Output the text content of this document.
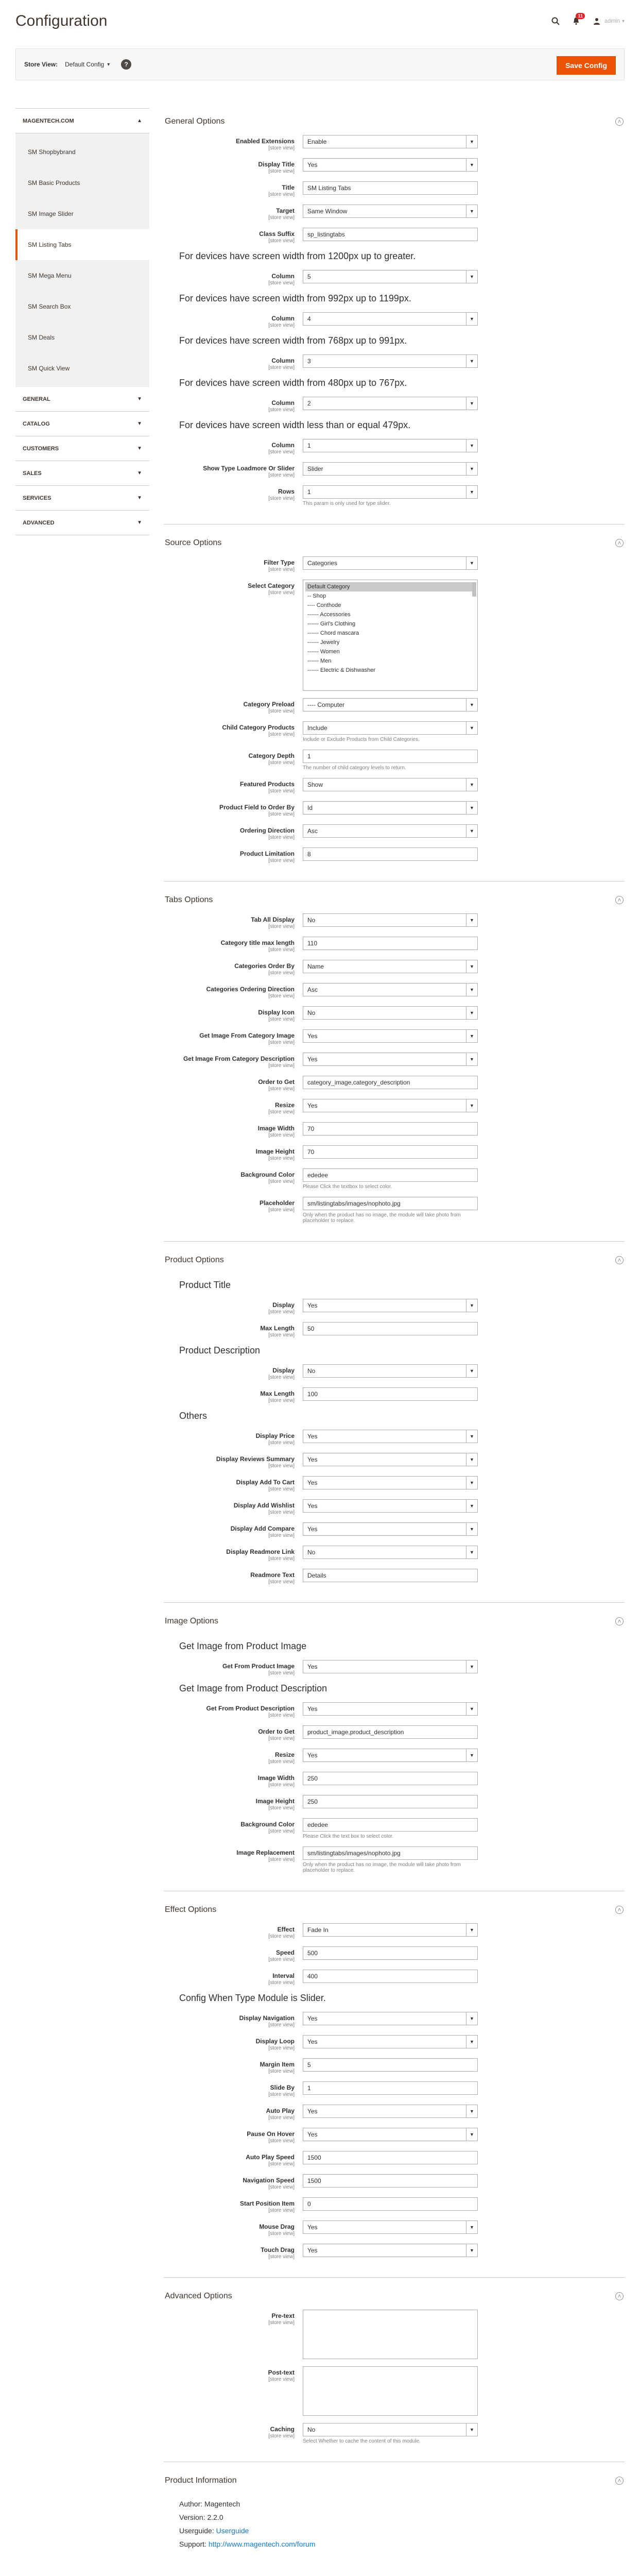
Configuration	11
admin ▾
Store View: Default Config ▾	?	Save Config
MAGENTECH.COM	▲
SM Shopbybrand
SM Basic Products
SM Image Slider
SM Listing Tabs
SM Mega Menu
SM Search Box
SM Deals
SM Quick View
GENERAL	▼
CATALOG	▼
CUSTOMERS	▼
SALES	▼
SERVICES	▼
ADVANCED	▼
General Options	˄
Enabled Extensions
[store view]
Enable	▼
Display Title
[store view]
Yes	▼
Title
[store view]
SM Listing Tabs
Target
[store view]
Same Window	▼
Class Suffix
[store view]
sp_listingtabs
For devices have screen width from 1200px up to greater.
Column
[store view]
5	▼
For devices have screen width from 992px up to 1199px.
Column
[store view]
4	▼
For devices have screen width from 768px up to 991px.
Column
[store view]
3	▼
For devices have screen width from 480px up to 767px.
Column
[store view]
2	▼
For devices have screen width less than or equal 479px.
Column
[store view]
1	▼
Show Type Loadmore Or Slider
[store view]
Slider	▼
Rows
[store view]
1	▼
This param is only used for type slider.
Source Options	˄
Filter Type
[store view]
Categories	▼
Select Category
[store view]
Default Category
-- Shop
---- Conthode
------ Accessories
------ Girl's Clothing
------ Chord mascara
------ Jewelry
------ Women
------ Men
------ Electric & Dishwasher
Category Preload
[store view]
---- Computer	▼
Child Category Products
[store view]
Include	▼
Include or Exclude Products from Child Categories.
Category Depth
[store view]
1
The number of child category levels to return.
Featured Products
[store view]
Show	▼
Product Field to Order By
[store view]
Id	▼
Ordering Direction
[store view]
Asc	▼
Product Limitation
[store view]
8
Tabs Options	˄
Tab All Display
[store view]
No	▼
Category title max length
[store view]
110
Categories Order By
[store view]
Name	▼
Categories Ordering Direction
[store view]
Asc	▼
Display Icon
[store view]
No	▼
Get Image From Category Image
[store view]
Yes	▼
Get Image From Category Description
[store view]
Yes	▼
Order to Get
[store view]
category_image,category_description
Resize
[store view]
Yes	▼
Image Width
[store view]
70
Image Height
[store view]
70
Background Color
[store view]
ededee
Please Click the textbox to select color.
Placeholder
[store view]
sm/listingtabs/images/nophoto.jpg
Only when the product has no image, the module will take photo from placeholder to replace.
Product Options	˄
Product Title
Display
[store view]
Yes	▼
Max Length
[store view]
50
Product Description
Display
[store view]
No	▼
Max Length
[store view]
100
Others
Display Price
[store view]
Yes	▼
Display Reviews Summary
[store view]
Yes	▼
Display Add To Cart
[store view]
Yes	▼
Display Add Wishlist
[store view]
Yes	▼
Display Add Compare
[store view]
Yes	▼
Display Readmore Link
[store view]
No	▼
Readmore Text
[store view]
Details
Image Options	˄
Get Image from Product Image
Get From Product Image
[store view]
Yes	▼
Get Image from Product Description
Get From Product Description
[store view]
Yes	▼
Order to Get
[store view]
product_image,product_description
Resize
[store view]
Yes	▼
Image Width
[store view]
250
Image Height
[store view]
250
Background Color
[store view]
ededee
Please Click the text box to select color.
Image Replacement
[store view]
sm/listingtabs/images/nophoto.jpg
Only when the product has no image, the module will take photo from placeholder to replace.
Effect Options	˄
Effect
[store view]
Fade In	▼
Speed
[store view]
500
Interval
[store view]
400
Config When Type Module is Slider.
Display Navigation
[store view]
Yes	▼
Display Loop
[store view]
Yes	▼
Margin Item
[store view]
5
Slide By
[store view]
1
Auto Play
[store view]
Yes	▼
Pause On Hover
[store view]
Yes	▼
Auto Play Speed
[store view]
1500
Navigation Speed
[store view]
1500
Start Position Item
[store view]
0
Mouse Drag
[store view]
Yes	▼
Touch Drag
[store view]
Yes	▼
Advanced Options	˄
Pre-text
[store view]
Post-text
[store view]
Caching
[store view]
No	▼
Select Whether to cache the content of this module.
Product Information	˄
Author: Magentech
Version: 2.2.0
Userguide: Userguide
Support: http://www.magentech.com/forum
